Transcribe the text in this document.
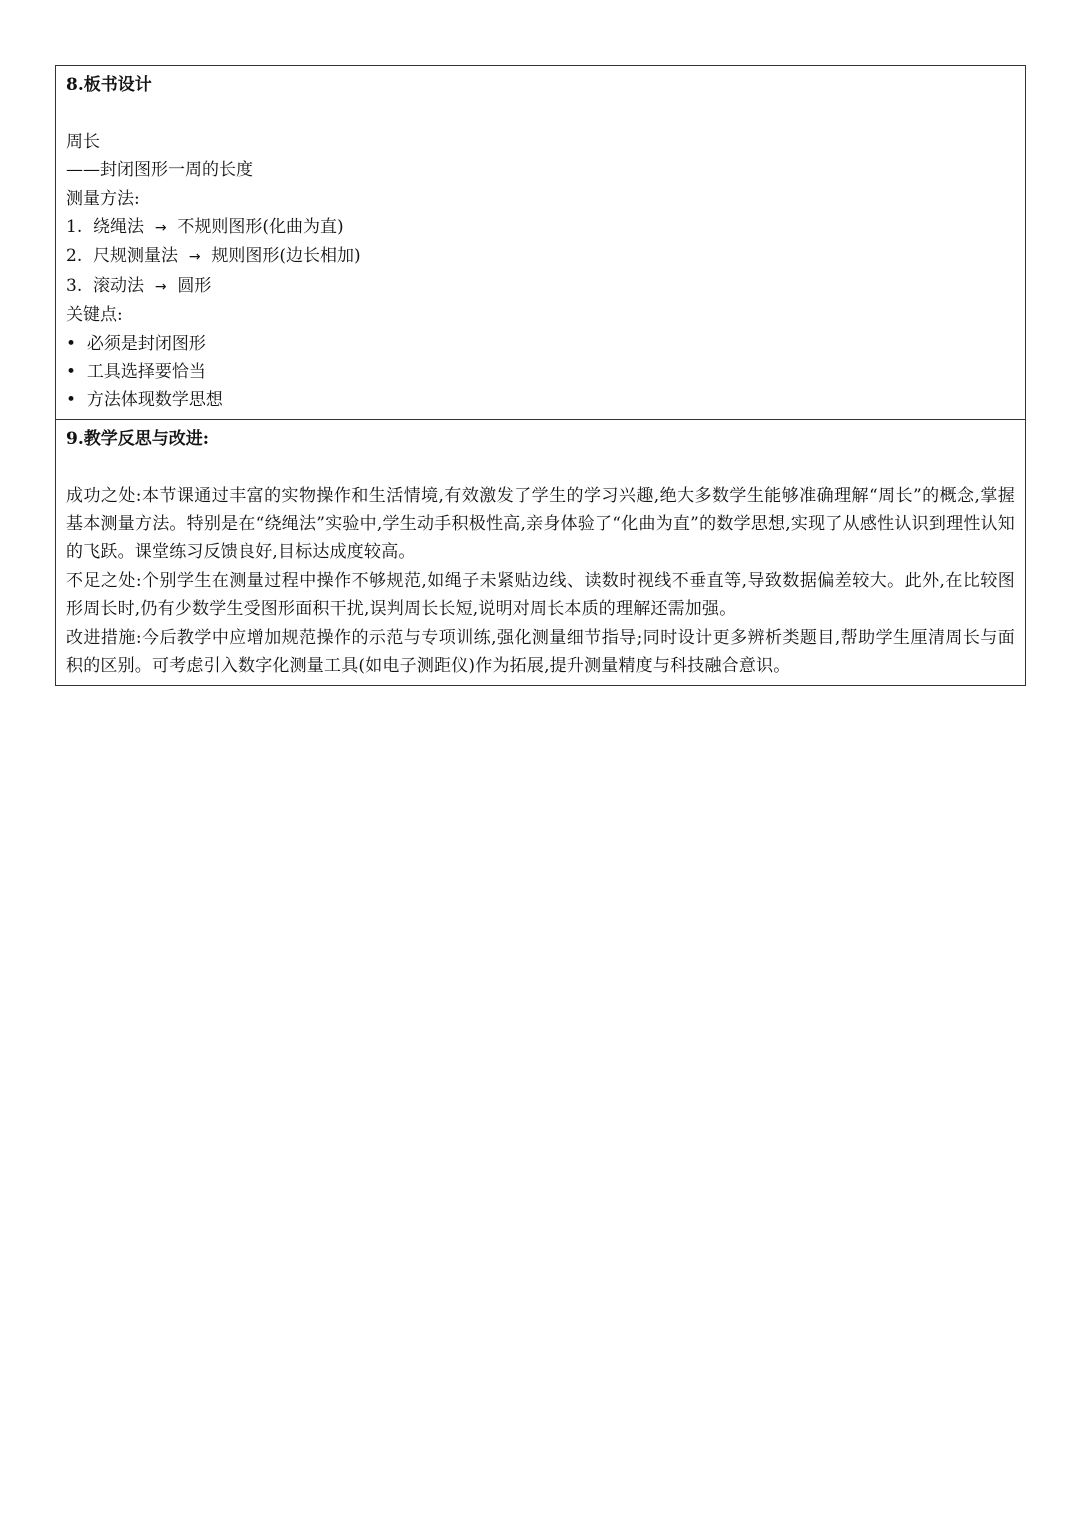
8.板书设计

周长

——封闭图形一周的长度

测量方法:

1. 绕绳法 → 不规则图形(化曲为直)

2. 尺规测量法 → 规则图形(边长相加)

3. 滚动法 → 圆形

关键点:

• 必须是封闭图形

• 工具选择要恰当

• 方法体现数学思想

9.教学反思与改进:

成功之处:本节课通过丰富的实物操作和生活情境,有效激发了学生的学习兴趣,绝大多数学生能够准确理解“周长”的概念,掌握基本测量方法。特别是在“绕绳法”实验中,学生动手积极性高,亲身体验了“化曲为直”的数学思想,实现了从感性认识到理性认知的飞跃。课堂练习反馈良好,目标达成度较高。

不足之处:个别学生在测量过程中操作不够规范,如绳子未紧贴边线、读数时视线不垂直等,导致数据偏差较大。此外,在比较图形周长时,仍有少数学生受图形面积干扰,误判周长长短,说明对周长本质的理解还需加强。

改进措施:今后教学中应增加规范操作的示范与专项训练,强化测量细节指导;同时设计更多辨析类题目,帮助学生厘清周长与面积的区别。可考虑引入数字化测量工具(如电子测距仪)作为拓展,提升测量精度与科技融合意识。
